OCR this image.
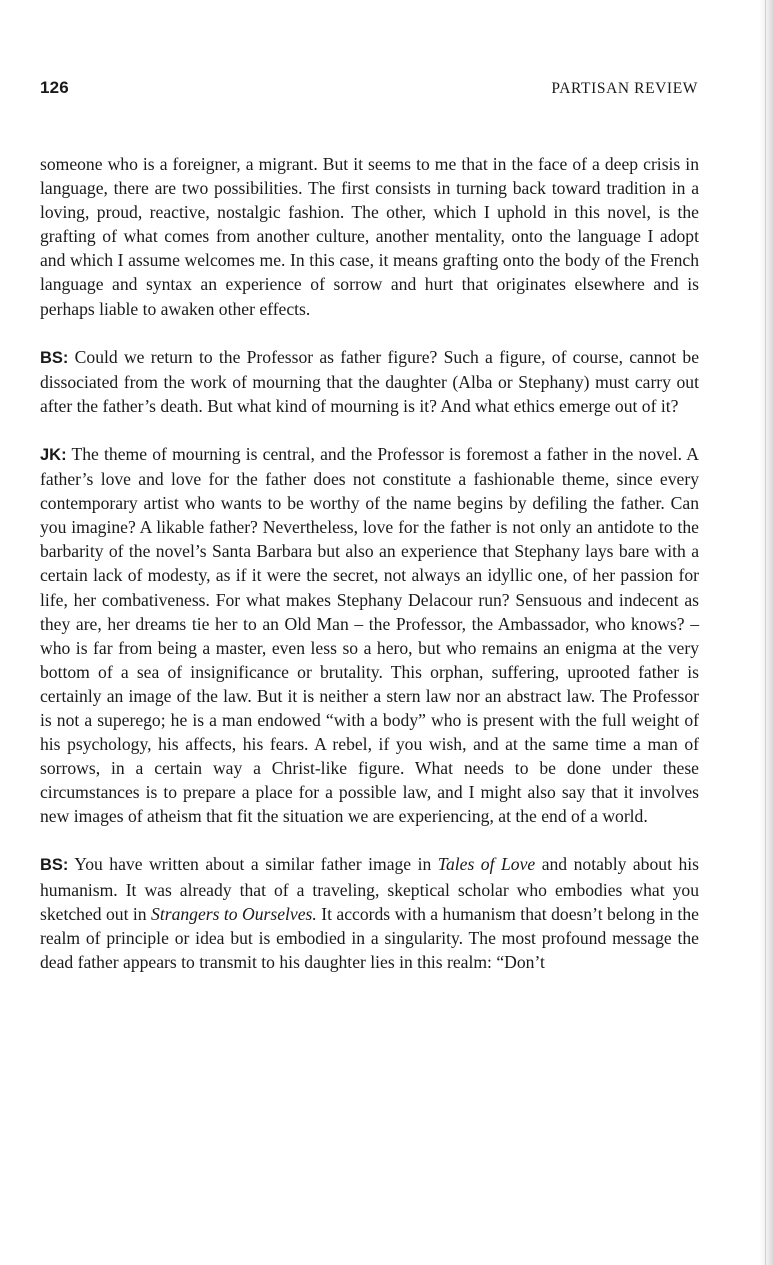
126	PARTISAN REVIEW

someone who is a foreigner, a migrant. But it seems to me that in the face of a deep crisis in language, there are two possibilities. The first consists in turning back toward tradition in a loving, proud, reactive, nostalgic fashion. The other, which I uphold in this novel, is the grafting of what comes from another culture, another mentality, onto the language I adopt and which I assume welcomes me. In this case, it means grafting onto the body of the French language and syntax an experience of sorrow and hurt that originates elsewhere and is perhaps liable to awaken other effects.

BS: Could we return to the Professor as father figure? Such a figure, of course, cannot be dissociated from the work of mourning that the daughter (Alba or Stephany) must carry out after the father’s death. But what kind of mourning is it? And what ethics emerge out of it?

JK: The theme of mourning is central, and the Professor is foremost a father in the novel. A father’s love and love for the father does not constitute a fashionable theme, since every contemporary artist who wants to be worthy of the name begins by defiling the father. Can you imagine? A likable father? Nevertheless, love for the father is not only an antidote to the barbarity of the novel’s Santa Barbara but also an experience that Stephany lays bare with a certain lack of modesty, as if it were the secret, not always an idyllic one, of her passion for life, her combativeness. For what makes Stephany Delacour run? Sensuous and indecent as they are, her dreams tie her to an Old Man – the Professor, the Ambassador, who knows? – who is far from being a master, even less so a hero, but who remains an enigma at the very bottom of a sea of insignificance or brutality. This orphan, suffering, uprooted father is certainly an image of the law. But it is neither a stern law nor an abstract law. The Professor is not a superego; he is a man endowed “with a body” who is present with the full weight of his psychology, his affects, his fears. A rebel, if you wish, and at the same time a man of sorrows, in a certain way a Christ-like figure. What needs to be done under these circumstances is to prepare a place for a possible law, and I might also say that it involves new images of atheism that fit the situation we are experiencing, at the end of a world.

BS: You have written about a similar father image in Tales of Love and notably about his humanism. It was already that of a traveling, skeptical scholar who embodies what you sketched out in Strangers to Ourselves. It accords with a humanism that doesn’t belong in the realm of principle or idea but is embodied in a singularity. The most profound message the dead father appears to transmit to his daughter lies in this realm: “Don’t
